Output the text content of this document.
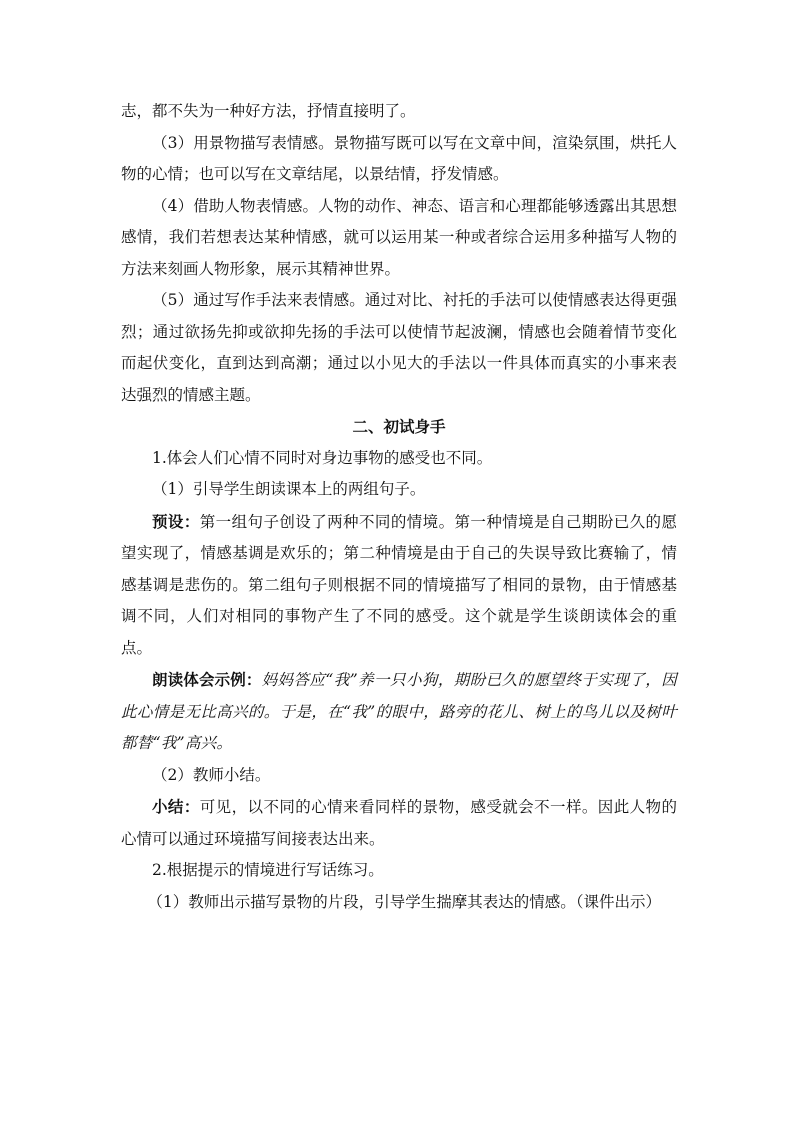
志，都不失为一种好方法，抒情直接明了。

（3）用景物描写表情感。景物描写既可以写在文章中间，渲染氛围，烘托人物的心情；也可以写在文章结尾，以景结情，抒发情感。

（4）借助人物表情感。人物的动作、神态、语言和心理都能够透露出其思想感情，我们若想表达某种情感，就可以运用某一种或者综合运用多种描写人物的方法来刻画人物形象，展示其精神世界。

（5）通过写作手法来表情感。通过对比、衬托的手法可以使情感表达得更强烈；通过欲扬先抑或欲抑先扬的手法可以使情节起波澜，情感也会随着情节变化而起伏变化，直到达到高潮；通过以小见大的手法以一件具体而真实的小事来表达强烈的情感主题。

二、初试身手

1.体会人们心情不同时对身边事物的感受也不同。

（1）引导学生朗读课本上的两组句子。

预设：第一组句子创设了两种不同的情境。第一种情境是自己期盼已久的愿望实现了，情感基调是欢乐的；第二种情境是由于自己的失误导致比赛输了，情感基调是悲伤的。第二组句子则根据不同的情境描写了相同的景物，由于情感基调不同，人们对相同的事物产生了不同的感受。这个就是学生谈朗读体会的重点。

朗读体会示例：妈妈答应“我”养一只小狗，期盼已久的愿望终于实现了，因此心情是无比高兴的。于是，在“我”的眼中，路旁的花儿、树上的鸟儿以及树叶都替“我”高兴。

（2）教师小结。

小结：可见，以不同的心情来看同样的景物，感受就会不一样。因此人物的心情可以通过环境描写间接表达出来。

2.根据提示的情境进行写话练习。

（1）教师出示描写景物的片段，引导学生揣摩其表达的情感。（课件出示）
